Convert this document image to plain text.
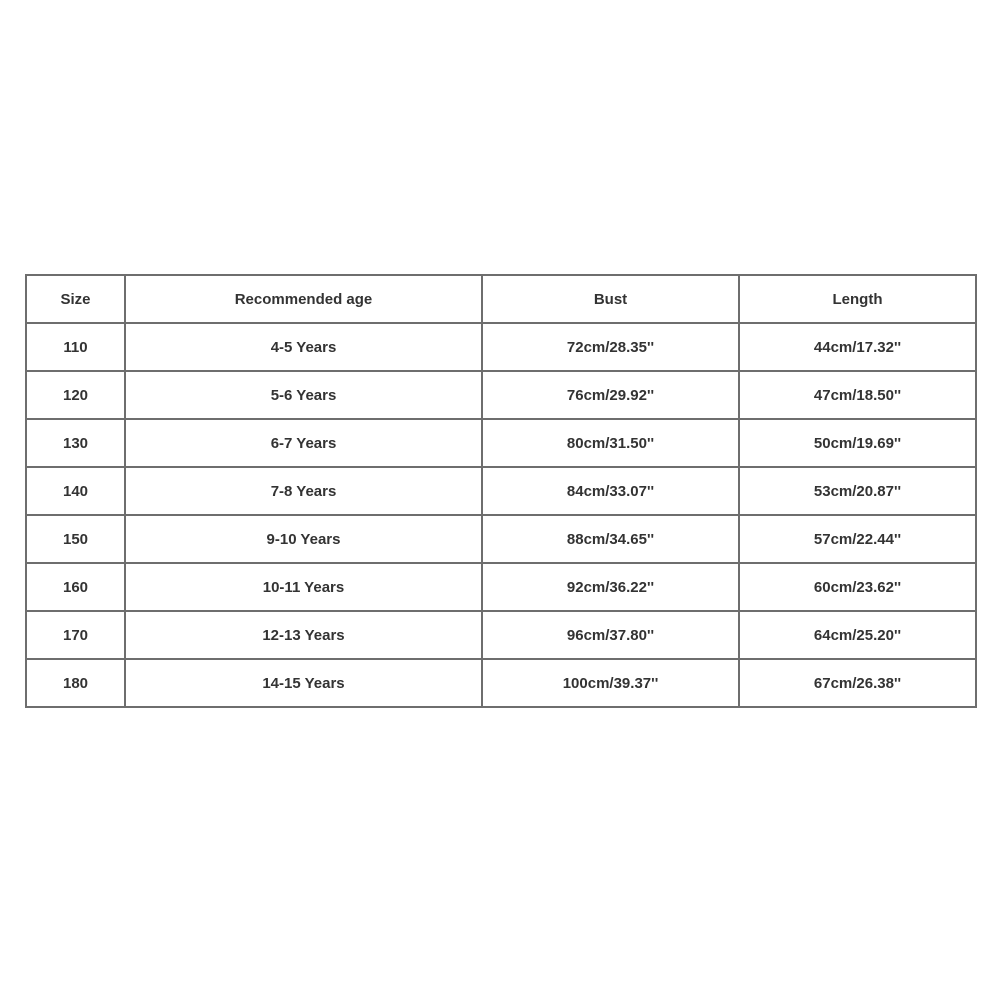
Size	Recommended age	Bust	Length
110	4-5 Years	72cm/28.35''	44cm/17.32''
120	5-6 Years	76cm/29.92''	47cm/18.50''
130	6-7 Years	80cm/31.50''	50cm/19.69''
140	7-8 Years	84cm/33.07''	53cm/20.87''
150	9-10 Years	88cm/34.65''	57cm/22.44''
160	10-11 Years	92cm/36.22''	60cm/23.62''
170	12-13 Years	96cm/37.80''	64cm/25.20''
180	14-15 Years	100cm/39.37''	67cm/26.38''
